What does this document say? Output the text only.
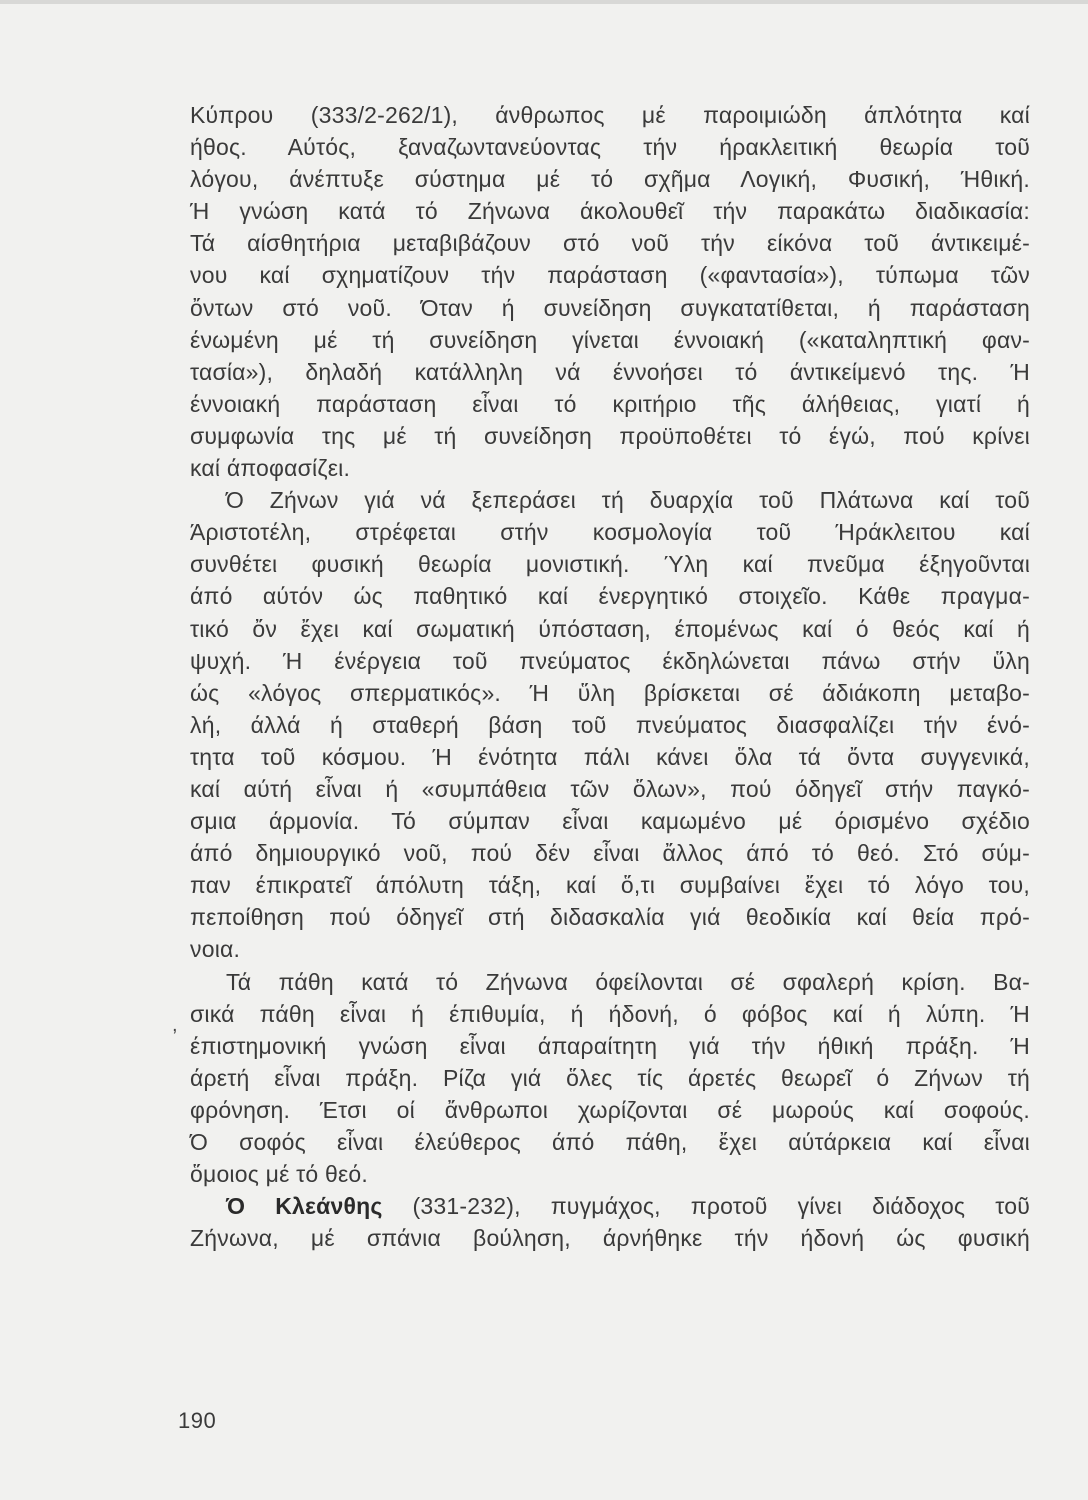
Κύπρου (333/2-262/1), άνθρωπος μέ παροιμιώδη άπλότητα καί
ήθος. Αύτός, ξαναζωντανεύοντας τήν ήρακλειτική θεωρία τοῦ
λόγου, άνέπτυξε σύστημα μέ τό σχῆμα Λογική, Φυσική, Ήθική.
Ή γνώση κατά τό Ζήνωνα άκολουθεῖ τήν παρακάτω διαδικασία:
Τά αίσθητήρια μεταβιβάζουν στό νοῦ τήν είκόνα τοῦ άντικειμέ-
νου καί σχηματίζουν τήν παράσταση («φαντασία»), τύπωμα τῶν
ὄντων στό νοῦ. Όταν ή συνείδηση συγκατατίθεται, ή παράσταση
ένωμένη μέ τή συνείδηση γίνεται έννοιακή («καταληπτική φαν-
τασία»), δηλαδή κατάλληλη νά έννοήσει τό άντικείμενό της. Ή
έννοιακή παράσταση εἶναι τό κριτήριο τῆς άλήθειας, γιατί ή
συμφωνία της μέ τή συνείδηση προϋποθέτει τό έγώ, πού κρίνει
καί άποφασίζει.
Ό Ζήνων γιά νά ξεπεράσει τή δυαρχία τοῦ Πλάτωνα καί τοῦ
Άριστοτέλη, στρέφεται στήν κοσμολογία τοῦ Ήράκλειτου καί
συνθέτει φυσική θεωρία μονιστική. Ύλη καί πνεῦμα έξηγοῦνται
άπό αύτόν ώς παθητικό καί ένεργητικό στοιχεῖο. Κάθε πραγμα-
τικό ὄν ἔχει καί σωματική ύπόσταση, έπομένως καί ό θεός καί ή
ψυχή. Ή ένέργεια τοῦ πνεύματος έκδηλώνεται πάνω στήν ὕλη
ώς «λόγος σπερματικός». Ή ὕλη βρίσκεται σέ άδιάκοπη μεταβο-
λή, άλλά ή σταθερή βάση τοῦ πνεύματος διασφαλίζει τήν ένό-
τητα τοῦ κόσμου. Ή ένότητα πάλι κάνει ὅλα τά ὄντα συγγενικά,
καί αύτή εἶναι ή «συμπάθεια τῶν ὅλων», πού όδηγεῖ στήν παγκό-
σμια άρμονία. Τό σύμπαν εἶναι καμωμένο μέ όρισμένο σχέδιο
άπό δημιουργικό νοῦ, πού δέν εἶναι ἄλλος άπό τό θεό. Στό σύμ-
παν έπικρατεῖ άπόλυτη τάξη, καί ὅ,τι συμβαίνει ἔχει τό λόγο του,
πεποίθηση πού όδηγεῖ στή διδασκαλία γιά θεοδικία καί θεία πρό-
νοια.
Τά πάθη κατά τό Ζήνωνα όφείλονται σέ σφαλερή κρίση. Βα-
σικά πάθη εἶναι ή έπιθυμία, ή ήδονή, ό φόβος καί ή λύπη. Ή
έπιστημονική γνώση εἶναι άπαραίτητη γιά τήν ήθική πράξη. Ή
άρετή εἶναι πράξη. Ρίζα γιά ὅλες τίς άρετές θεωρεῖ ό Ζήνων τή
φρόνηση. Έτσι οί ἄνθρωποι χωρίζονται σέ μωρούς καί σοφούς.
Ό σοφός εἶναι έλεύθερος άπό πάθη, ἔχει αύτάρκεια καί εἶναι
ὅμοιος μέ τό θεό.
Ό Κλεάνθης (331-232), πυγμάχος, προτοῦ γίνει διάδοχος τοῦ
Ζήνωνα, μέ σπάνια βούληση, άρνήθηκε τήν ήδονή ώς φυσική
,
190
